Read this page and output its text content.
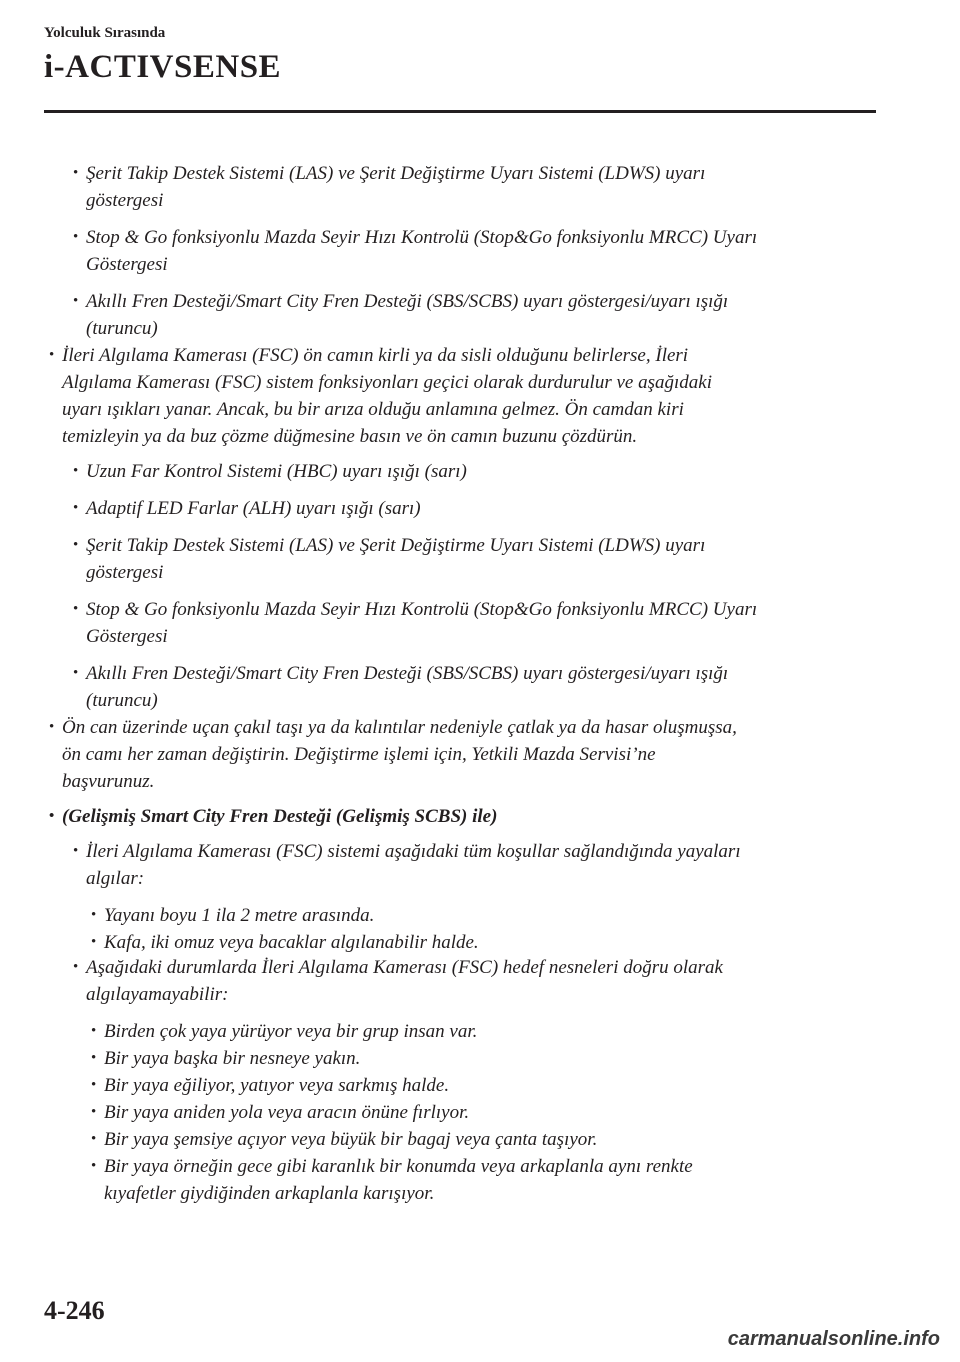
Yolculuk Sırasında
i-ACTIVSENSE
• Şerit Takip Destek Sistemi (LAS) ve Şerit Değiştirme Uyarı Sistemi (LDWS) uyarı
göstergesi
• Stop & Go fonksiyonlu Mazda Seyir Hızı Kontrolü (Stop&Go fonksiyonlu MRCC) Uyarı
Göstergesi
• Akıllı Fren Desteği/Smart City Fren Desteği (SBS/SCBS) uyarı göstergesi/uyarı ışığı
(turuncu)
• İleri Algılama Kamerası (FSC) ön camın kirli ya da sisli olduğunu belirlerse, İleri
Algılama Kamerası (FSC) sistem fonksiyonları geçici olarak durdurulur ve aşağıdaki
uyarı ışıkları yanar. Ancak, bu bir arıza olduğu anlamına gelmez. Ön camdan kiri
temizleyin ya da buz çözme düğmesine basın ve ön camın buzunu çözdürün.
• Uzun Far Kontrol Sistemi (HBC) uyarı ışığı (sarı)
• Adaptif LED Farlar (ALH) uyarı ışığı (sarı)
• Şerit Takip Destek Sistemi (LAS) ve Şerit Değiştirme Uyarı Sistemi (LDWS) uyarı
göstergesi
• Stop & Go fonksiyonlu Mazda Seyir Hızı Kontrolü (Stop&Go fonksiyonlu MRCC) Uyarı
Göstergesi
• Akıllı Fren Desteği/Smart City Fren Desteği (SBS/SCBS) uyarı göstergesi/uyarı ışığı
(turuncu)
• Ön can üzerinde uçan çakıl taşı ya da kalıntılar nedeniyle çatlak ya da hasar oluşmuşsa,
ön camı her zaman değiştirin. Değiştirme işlemi için, Yetkili Mazda Servisi’ne
başvurunuz.
• (Gelişmiş Smart City Fren Desteği (Gelişmiş SCBS) ile)
• İleri Algılama Kamerası (FSC) sistemi aşağıdaki tüm koşullar sağlandığında yayaları
algılar:
• Yayanı boyu 1 ila 2 metre arasında.
• Kafa, iki omuz veya bacaklar algılanabilir halde.
• Aşağıdaki durumlarda İleri Algılama Kamerası (FSC) hedef nesneleri doğru olarak
algılayamayabilir:
• Birden çok yaya yürüyor veya bir grup insan var.
• Bir yaya başka bir nesneye yakın.
• Bir yaya eğiliyor, yatıyor veya sarkmış halde.
• Bir yaya aniden yola veya aracın önüne fırlıyor.
• Bir yaya şemsiye açıyor veya büyük bir bagaj veya çanta taşıyor.
• Bir yaya örneğin gece gibi karanlık bir konumda veya arkaplanla aynı renkte
kıyafetler giydiğinden arkaplanla karışıyor.
4-246
carmanualsonline.info
